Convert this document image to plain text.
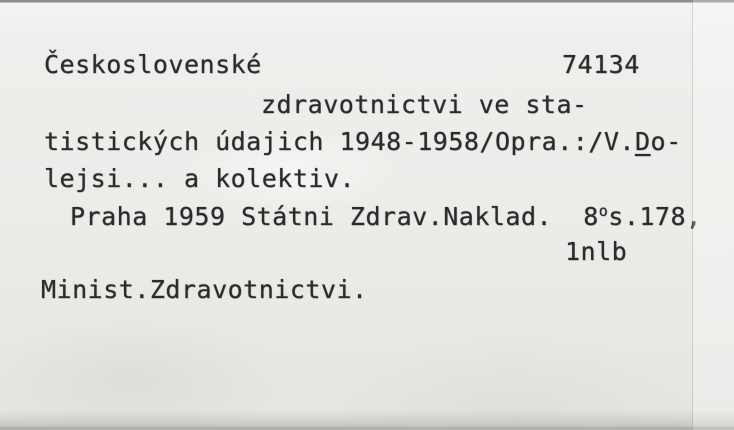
Československé	74134
zdravotnictvi ve sta-
tistických údajich 1948-1958/Opra.:/V.Do-
lejsi... a kolektiv.
Praha 1959 Státni Zdrav.Naklad.  8os.178,
1nlb
Minist.Zdravotnictvi.
